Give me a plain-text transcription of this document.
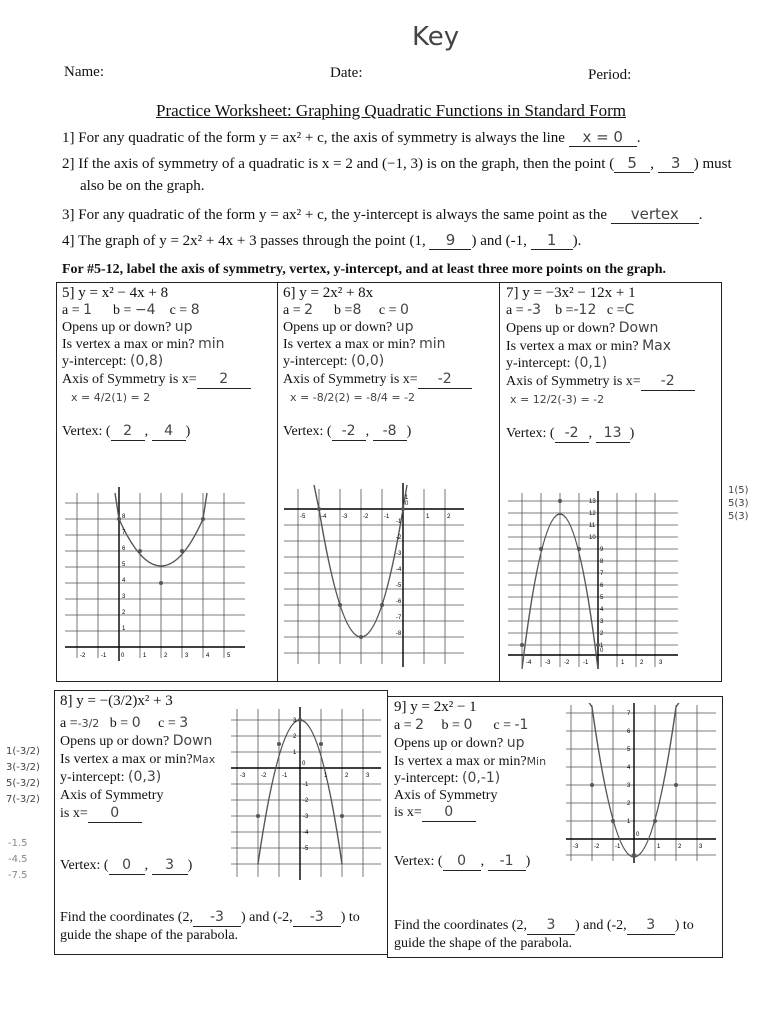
Key
Name:	Date:	Period:
Practice Worksheet: Graphing Quadratic Functions in Standard Form
1] For any quadratic of the form y = ax² + c, the axis of symmetry is always the line x = 0 .
2] If the axis of symmetry of a quadratic is x = 2 and (−1, 3) is on the graph, then the point ( 5 , 3 ) must
also be on the graph.
3] For any quadratic of the form y = ax² + c, the y-intercept is always the same point as the vertex .
4] The graph of y = 2x² + 4x + 3 passes through the point (1, 9 ) and (-1, 1 ).
For #5-12, label the axis of symmetry, vertex, y-intercept, and at least three more points on the graph.
5] y = x² − 4x + 8
a = 1 b = −4 c = 8
Opens up or down? up
Is vertex a max or min? min
y-intercept: (0,8)
Axis of Symmetry is x= 2
x = 4/2(1) = 2
Vertex: ( 2 , 4 )
-2	-1 0	1	2	3	4	5
1
2
3
4
5
6
7
8
6] y = 2x² + 8x
a = 2 b =8 c = 0
Opens up or down? up
Is vertex a max or min? min
y-intercept: (0,0)
Axis of Symmetry is x= -2
x = -8/2(2) = -8/4 = -2
Vertex: ( -2 , -8 )
-5	-4	-3	-2	-1
0
1	2
1
-1
-2
-3
-4
-5
-6
-7
-8
7] y = −3x² − 12x + 1
a = -3 b =-12 c =C
Opens up or down? Down
Is vertex a max or min? Max
y-intercept: (0,1)
Axis of Symmetry is x= -2
x = 12/2(-3) = -2
Vertex: ( -2 , 13 )
-4 -3 -2 -1
0
1	2	3
13
12
11
10
9
8
7
6
5
4
3
2
1
1(5)
5(3)
5(3)
1(-3/2)
3(-3/2)
5(-3/2)
7(-3/2)
-1.5
-4.5
-7.5
8] y = −(3/2)x² + 3
a =-3/2 b = 0 c = 3
Opens up or down? Down
Is vertex a max or min?Max
y-intercept: (0,3)
Axis of Symmetry
is x= 0
Vertex: ( 0 , 3 )
Find the coordinates (2, -3 ) and (-2, -3 ) to
guide the shape of the parabola.
-3	-2	-1
0
1	2	3
3
2
1
-1
-2
-3
-4
-5
9] y = 2x² − 1
a = 2 b = 0 c = -1
Opens up or down? up
Is vertex a max or min?Min
y-intercept: (0,-1)
Axis of Symmetry
is x= 0
Vertex: ( 0 , -1 )
Find the coordinates (2, 3 ) and (-2, 3 ) to
guide the shape of the parabola.
-3	-2	-1
0
1	2	3
7
6
5
4
3
2
1
